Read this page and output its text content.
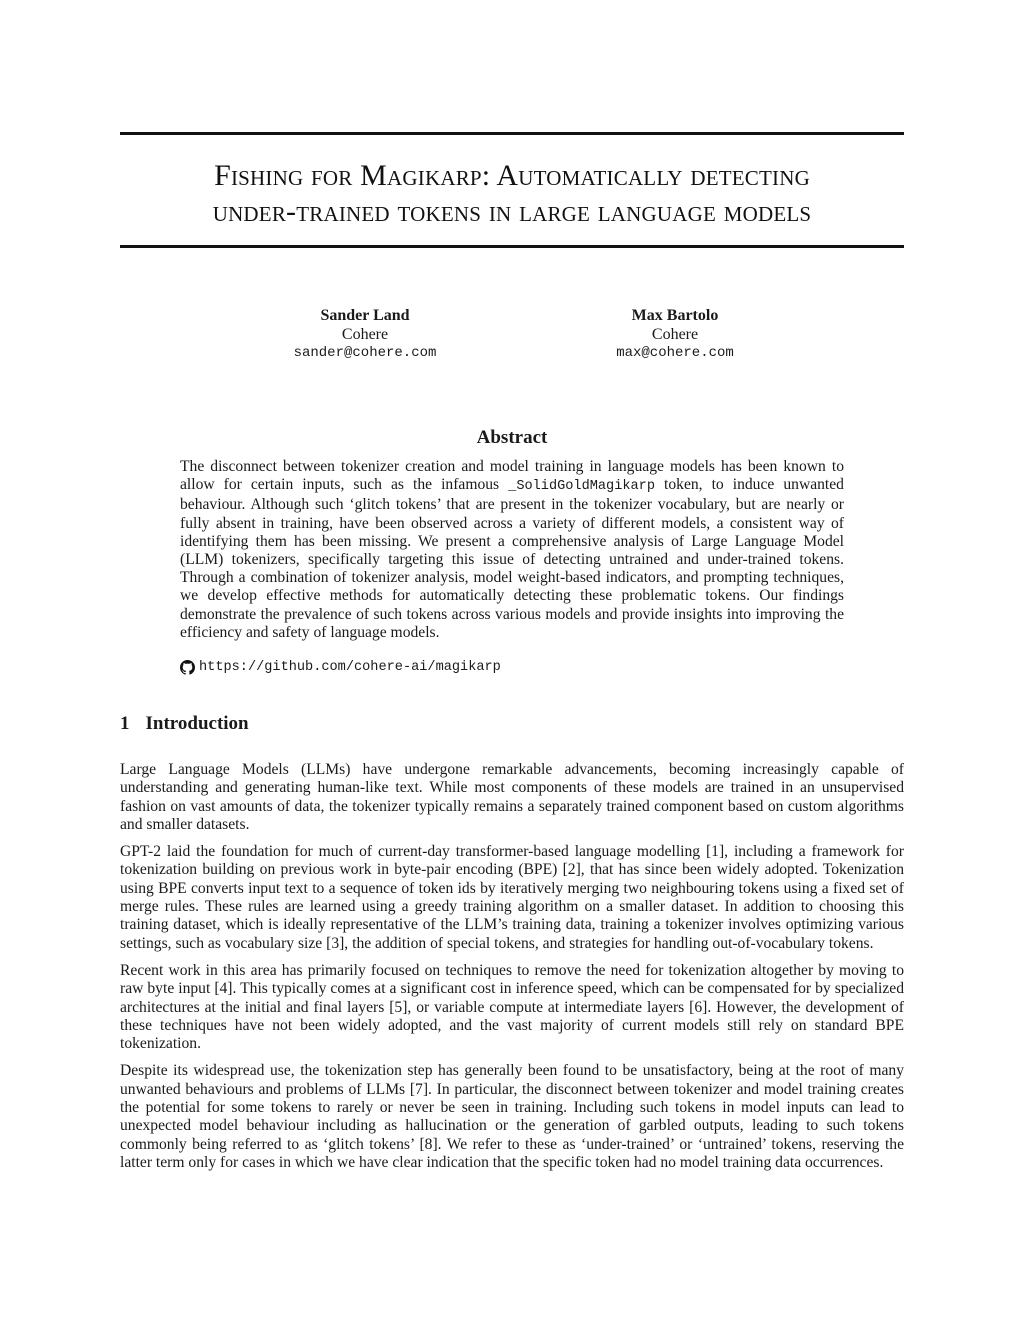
Fishing for Magikarp: Automatically detecting
under-trained tokens in large language models
Sander Land
Cohere
sander@cohere.com
Max Bartolo
Cohere
max@cohere.com
Abstract
The disconnect between tokenizer creation and model training in language models has been known to allow for certain inputs, such as the infamous _SolidGoldMagikarp token, to induce unwanted behaviour. Although such ‘glitch tokens’ that are present in the tokenizer vocabulary, but are nearly or fully absent in training, have been observed across a variety of different models, a consistent way of identifying them has been missing. We present a comprehensive analysis of Large Language Model (LLM) tokenizers, specifically targeting this issue of detecting untrained and under-trained tokens. Through a combination of tokenizer analysis, model weight-based indicators, and prompting techniques, we develop effective methods for automatically detecting these problematic tokens. Our findings demonstrate the prevalence of such tokens across various models and provide insights into improving the efficiency and safety of language models.
https://github.com/cohere-ai/magikarp
1 Introduction

Large Language Models (LLMs) have undergone remarkable advancements, becoming increasingly capable of understanding and generating human-like text. While most components of these models are trained in an unsupervised fashion on vast amounts of data, the tokenizer typically remains a separately trained component based on custom algorithms and smaller datasets.

GPT-2 laid the foundation for much of current-day transformer-based language modelling [1], including a framework for tokenization building on previous work in byte-pair encoding (BPE) [2], that has since been widely adopted. Tokenization using BPE converts input text to a sequence of token ids by iteratively merging two neighbouring tokens using a fixed set of merge rules. These rules are learned using a greedy training algorithm on a smaller dataset. In addition to choosing this training dataset, which is ideally representative of the LLM’s training data, training a tokenizer involves optimizing various settings, such as vocabulary size [3], the addition of special tokens, and strategies for handling out-of-vocabulary tokens.

Recent work in this area has primarily focused on techniques to remove the need for tokenization altogether by moving to raw byte input [4]. This typically comes at a significant cost in inference speed, which can be compensated for by specialized architectures at the initial and final layers [5], or variable compute at intermediate layers [6]. However, the development of these techniques have not been widely adopted, and the vast majority of current models still rely on standard BPE tokenization.

Despite its widespread use, the tokenization step has generally been found to be unsatisfactory, being at the root of many unwanted behaviours and problems of LLMs [7]. In particular, the disconnect between tokenizer and model training creates the potential for some tokens to rarely or never be seen in training. Including such tokens in model inputs can lead to unexpected model behaviour including as hallucination or the generation of garbled outputs, leading to such tokens commonly being referred to as ‘glitch tokens’ [8]. We refer to these as ‘under-trained’ or ‘untrained’ tokens, reserving the latter term only for cases in which we have clear indication that the specific token had no model training data occurrences.
